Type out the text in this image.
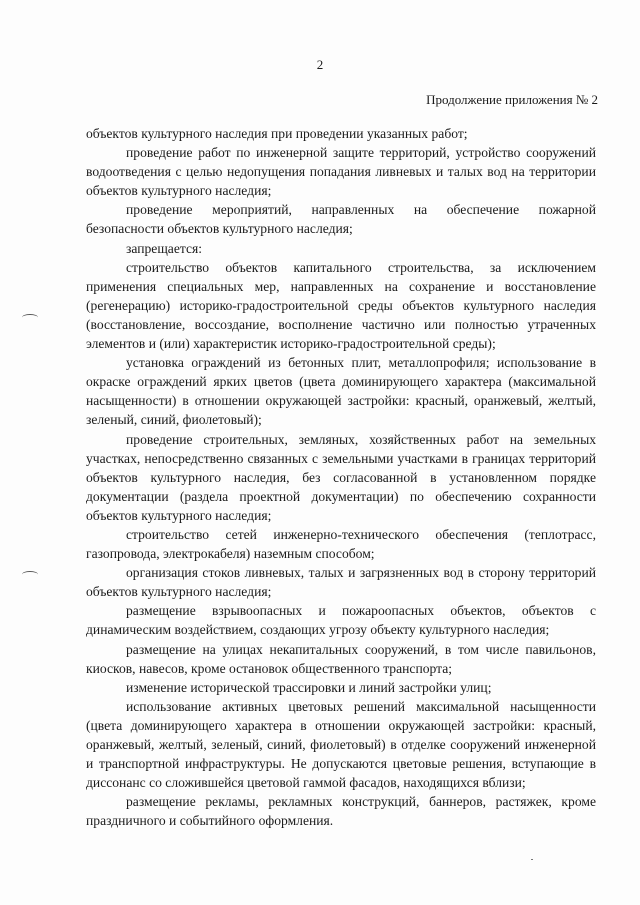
2
Продолжение приложения № 2

объектов культурного наследия при проведении указанных работ;

проведение работ по инженерной защите территорий, устройство сооружений водоотведения с целью недопущения попадания ливневых и талых вод на территории объектов культурного наследия;

проведение мероприятий, направленных на обеспечение пожарной безопасности объектов культурного наследия;

запрещается:

строительство объектов капитального строительства, за исключением применения специальных мер, направленных на сохранение и восстановление (регенерацию) историко-градостроительной среды объектов культурного наследия (восстановление, воссоздание, восполнение частично или полностью утраченных элементов и (или) характеристик историко-градостроительной среды);

установка ограждений из бетонных плит, металлопрофиля; использование в окраске ограждений ярких цветов (цвета доминирующего характера (максимальной насыщенности) в отношении окружающей застройки: красный, оранжевый, желтый, зеленый, синий, фиолетовый);

проведение строительных, земляных, хозяйственных работ на земельных участках, непосредственно связанных с земельными участками в границах территорий объектов культурного наследия, без согласованной в установленном порядке документации (раздела проектной документации) по обеспечению сохранности объектов культурного наследия;

строительство сетей инженерно-технического обеспечения (теплотрасс, газопровода, электрокабеля) наземным способом;

организация стоков ливневых, талых и загрязненных вод в сторону территорий объектов культурного наследия;

размещение взрывоопасных и пожароопасных объектов, объектов с динамическим воздействием, создающих угрозу объекту культурного наследия;

размещение на улицах некапитальных сооружений, в том числе павильонов, киосков, навесов, кроме остановок общественного транспорта;

изменение исторической трассировки и линий застройки улиц;

использование активных цветовых решений максимальной насыщенности (цвета доминирующего характера в отношении окружающей застройки: красный, оранжевый, желтый, зеленый, синий, фиолетовый) в отделке сооружений инженерной и транспортной инфраструктуры. Не допускаются цветовые решения, вступающие в диссонанс со сложившейся цветовой гаммой фасадов, находящихся вблизи;

размещение рекламы, рекламных конструкций, баннеров, растяжек, кроме праздничного и событийного оформления.
